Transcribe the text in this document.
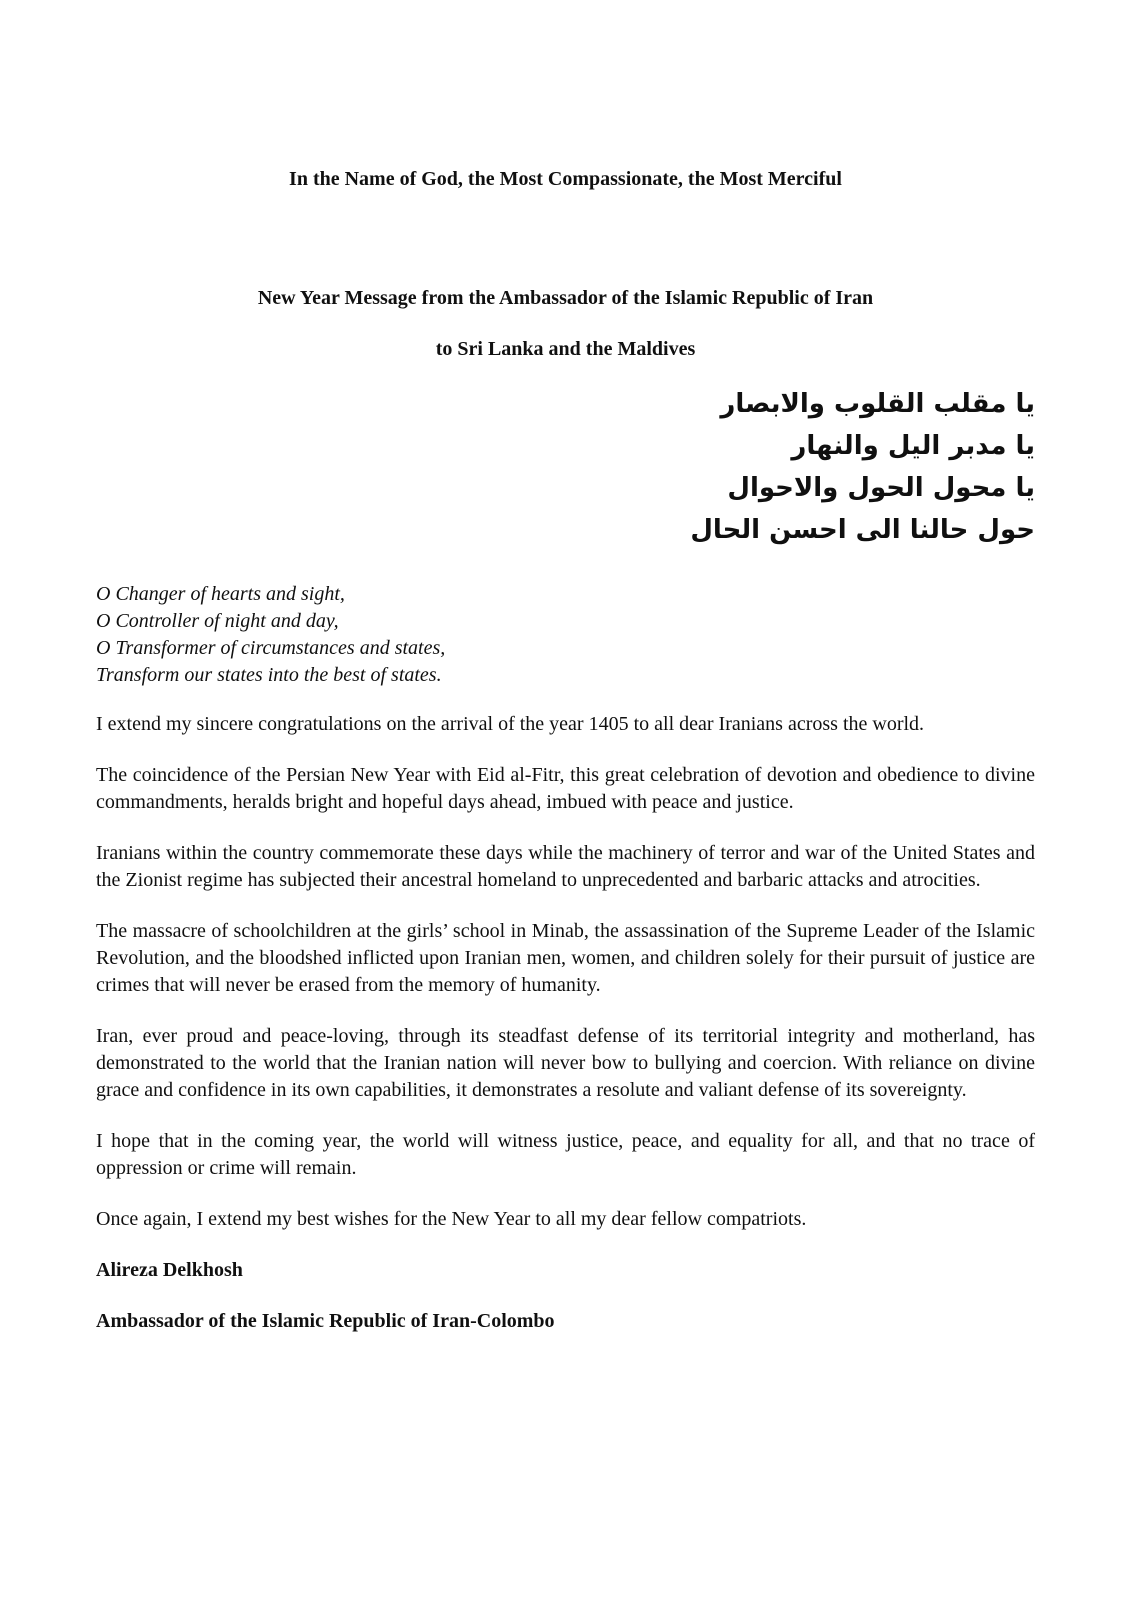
In the Name of God, the Most Compassionate, the Most Merciful
New Year Message from the Ambassador of the Islamic Republic of Iran
to Sri Lanka and the Maldives
یا مقلب القلوب والابصار
یا مدبر الیل والنهار
یا محول الحول والاحوال
حول حالنا الی احسن الحال
O Changer of hearts and sight,
O Controller of night and day,
O Transformer of circumstances and states,
Transform our states into the best of states.

I extend my sincere congratulations on the arrival of the year 1405 to all dear Iranians across the world.

The coincidence of the Persian New Year with Eid al-Fitr, this great celebration of devotion and obedience to divine commandments, heralds bright and hopeful days ahead, imbued with peace and justice.

Iranians within the country commemorate these days while the machinery of terror and war of the United States and the Zionist regime has subjected their ancestral homeland to unprecedented and barbaric attacks and atrocities.

The massacre of schoolchildren at the girls’ school in Minab, the assassination of the Supreme Leader of the Islamic Revolution, and the bloodshed inflicted upon Iranian men, women, and children solely for their pursuit of justice are crimes that will never be erased from the memory of humanity.

Iran, ever proud and peace-loving, through its steadfast defense of its territorial integrity and motherland, has demonstrated to the world that the Iranian nation will never bow to bullying and coercion. With reliance on divine grace and confidence in its own capabilities, it demonstrates a resolute and valiant defense of its sovereignty.

I hope that in the coming year, the world will witness justice, peace, and equality for all, and that no trace of oppression or crime will remain.

Once again, I extend my best wishes for the New Year to all my dear fellow compatriots.

Alireza Delkhosh

Ambassador of the Islamic Republic of Iran-Colombo
